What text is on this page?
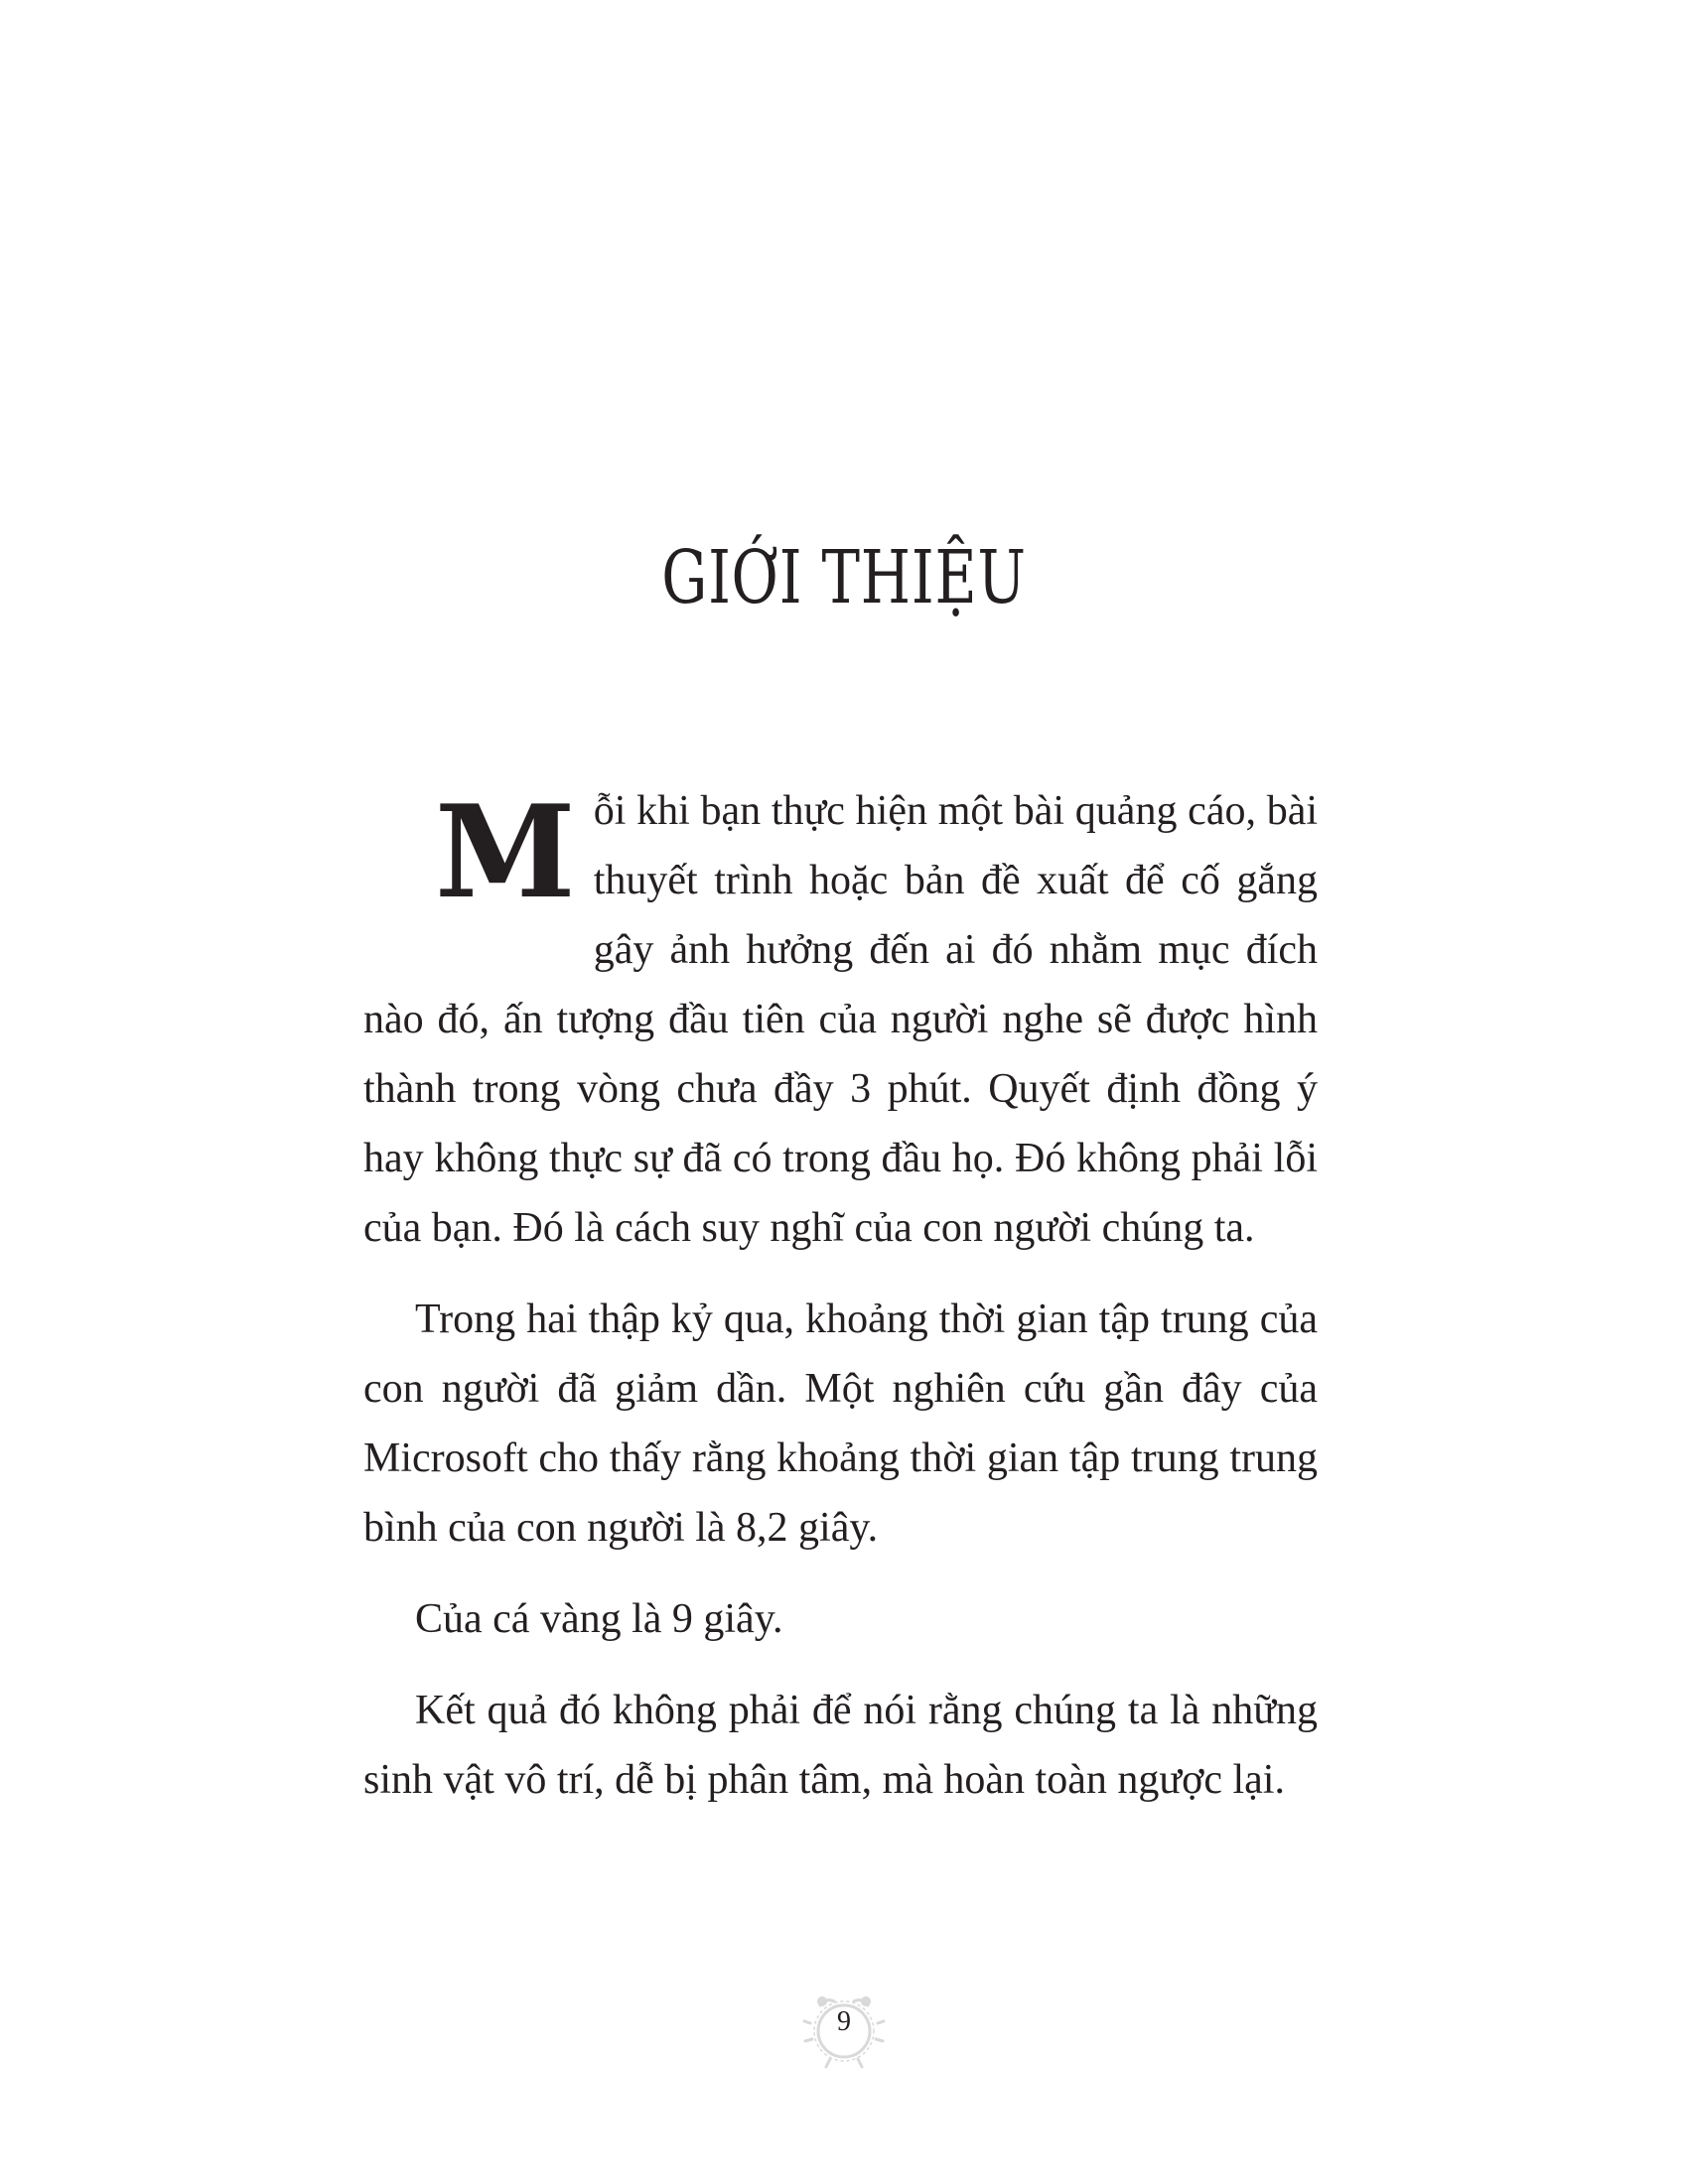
GIỚI THIỆU

Mỗi khi bạn thực hiện một bài quảng cáo, bài thuyết trình hoặc bản đề xuất để cố gắng gây ảnh hưởng đến ai đó nhằm mục đích nào đó, ấn tượng đầu tiên của người nghe sẽ được hình thành trong vòng chưa đầy 3 phút. Quyết định đồng ý hay không thực sự đã có trong đầu họ. Đó không phải lỗi của bạn. Đó là cách suy nghĩ của con người chúng ta.

Trong hai thập kỷ qua, khoảng thời gian tập trung của con người đã giảm dần. Một nghiên cứu gần đây của Microsoft cho thấy rằng khoảng thời gian tập trung trung bình của con người là 8,2 giây.

Của cá vàng là 9 giây.

Kết quả đó không phải để nói rằng chúng ta là những sinh vật vô trí, dễ bị phân tâm, mà hoàn toàn ngược lại.

9
